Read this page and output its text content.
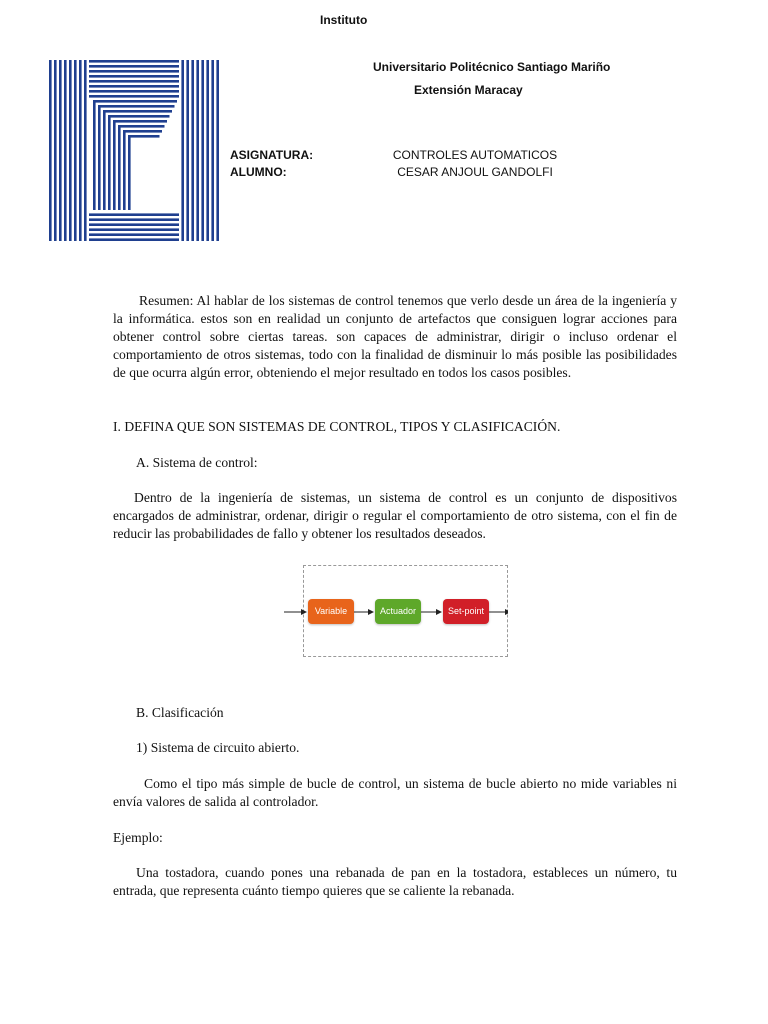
Instituto
Universitario Politécnico Santiago Mariño
Extensión Maracay
ASIGNATURA:
ALUMNO:
CONTROLES AUTOMATICOS
CESAR ANJOUL GANDOLFI
Resumen: Al hablar de los sistemas de control tenemos que verlo desde un área de la ingeniería y la informática. estos son en realidad un conjunto de artefactos que consiguen lograr acciones para obtener control sobre ciertas tareas. son capaces de administrar, dirigir o incluso ordenar el comportamiento de otros sistemas, todo con la finalidad de disminuir lo más posible las posibilidades de que ocurra algún error, obteniendo el mejor resultado en todos los casos posibles.
I. DEFINA QUE SON SISTEMAS DE CONTROL, TIPOS Y CLASIFICACIÓN.
A. Sistema de control:
Dentro de la ingeniería de sistemas, un sistema de control es un conjunto de dispositivos encargados de administrar, ordenar, dirigir o regular el comportamiento de otro sistema, con el fin de reducir las probabilidades de fallo y obtener los resultados deseados.
Variable	Actuador	Set-point
B. Clasificación
1) Sistema de circuito abierto.
Como el tipo más simple de bucle de control, un sistema de bucle abierto no mide variables ni envía valores de salida al controlador.
Ejemplo:
Una tostadora, cuando pones una rebanada de pan en la tostadora, estableces un número, tu entrada, que representa cuánto tiempo quieres que se caliente la rebanada.
